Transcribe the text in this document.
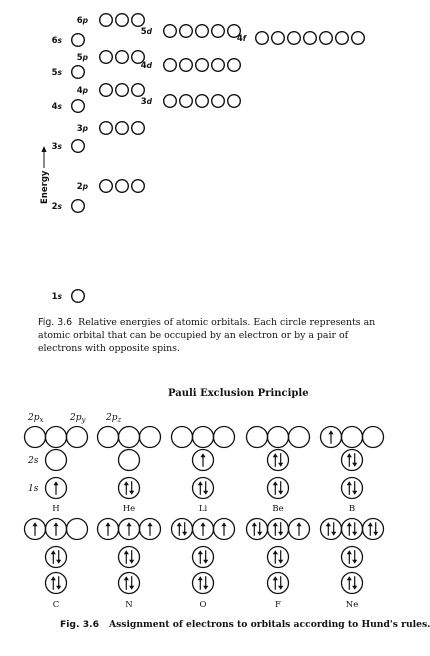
1s
2s
2p
3s
3p
4s	3d
4p
5s
4d
5p
6s	4f
5d
6p
Energy
Fig. 3.6 Relative energies of atomic orbitals. Each circle represents an atomic orbital that can be occupied by an electron or by a pair of electrons with opposite spins.
Pauli Exclusion Principle
$2p_x$	$2p_y$ $2p_z$
2s
1s
H	He	Li	Be	B
C	N	O	F	Ne
Fig. 3.6 Assignment of electrons to orbitals according to Hund's rules.
